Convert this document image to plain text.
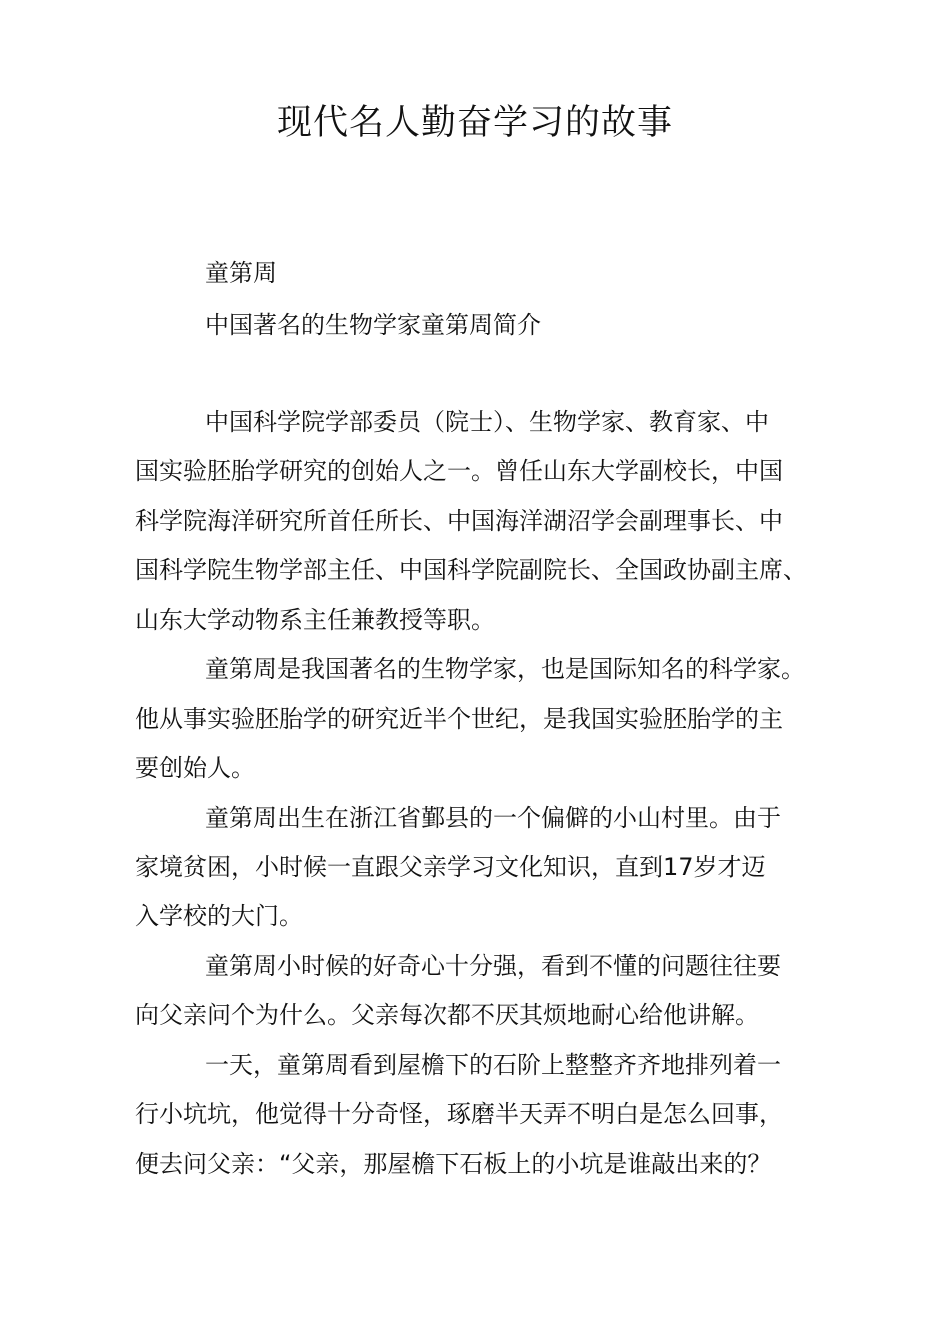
现代名人勤奋学习的故事
童第周
中国著名的生物学家童第周简介
中国科学院学部委员（院士）、生物学家、教育家、中
国实验胚胎学研究的创始人之一。曾任山东大学副校长，中国
科学院海洋研究所首任所长、中国海洋湖沼学会副理事长、中
国科学院生物学部主任、中国科学院副院长、全国政协副主席、
山东大学动物系主任兼教授等职。
童第周是我国著名的生物学家，也是国际知名的科学家。
他从事实验胚胎学的研究近半个世纪，是我国实验胚胎学的主
要创始人。
童第周出生在浙江省鄞县的一个偏僻的小山村里。由于
家境贫困，小时候一直跟父亲学习文化知识，直到17岁才迈
入学校的大门。
童第周小时候的好奇心十分强，看到不懂的问题往往要
向父亲问个为什么。父亲每次都不厌其烦地耐心给他讲解。
一天，童第周看到屋檐下的石阶上整整齐齐地排列着一
行小坑坑，他觉得十分奇怪，琢磨半天弄不明白是怎么回事，
便去问父亲：“父亲，那屋檐下石板上的小坑是谁敲出来的？
